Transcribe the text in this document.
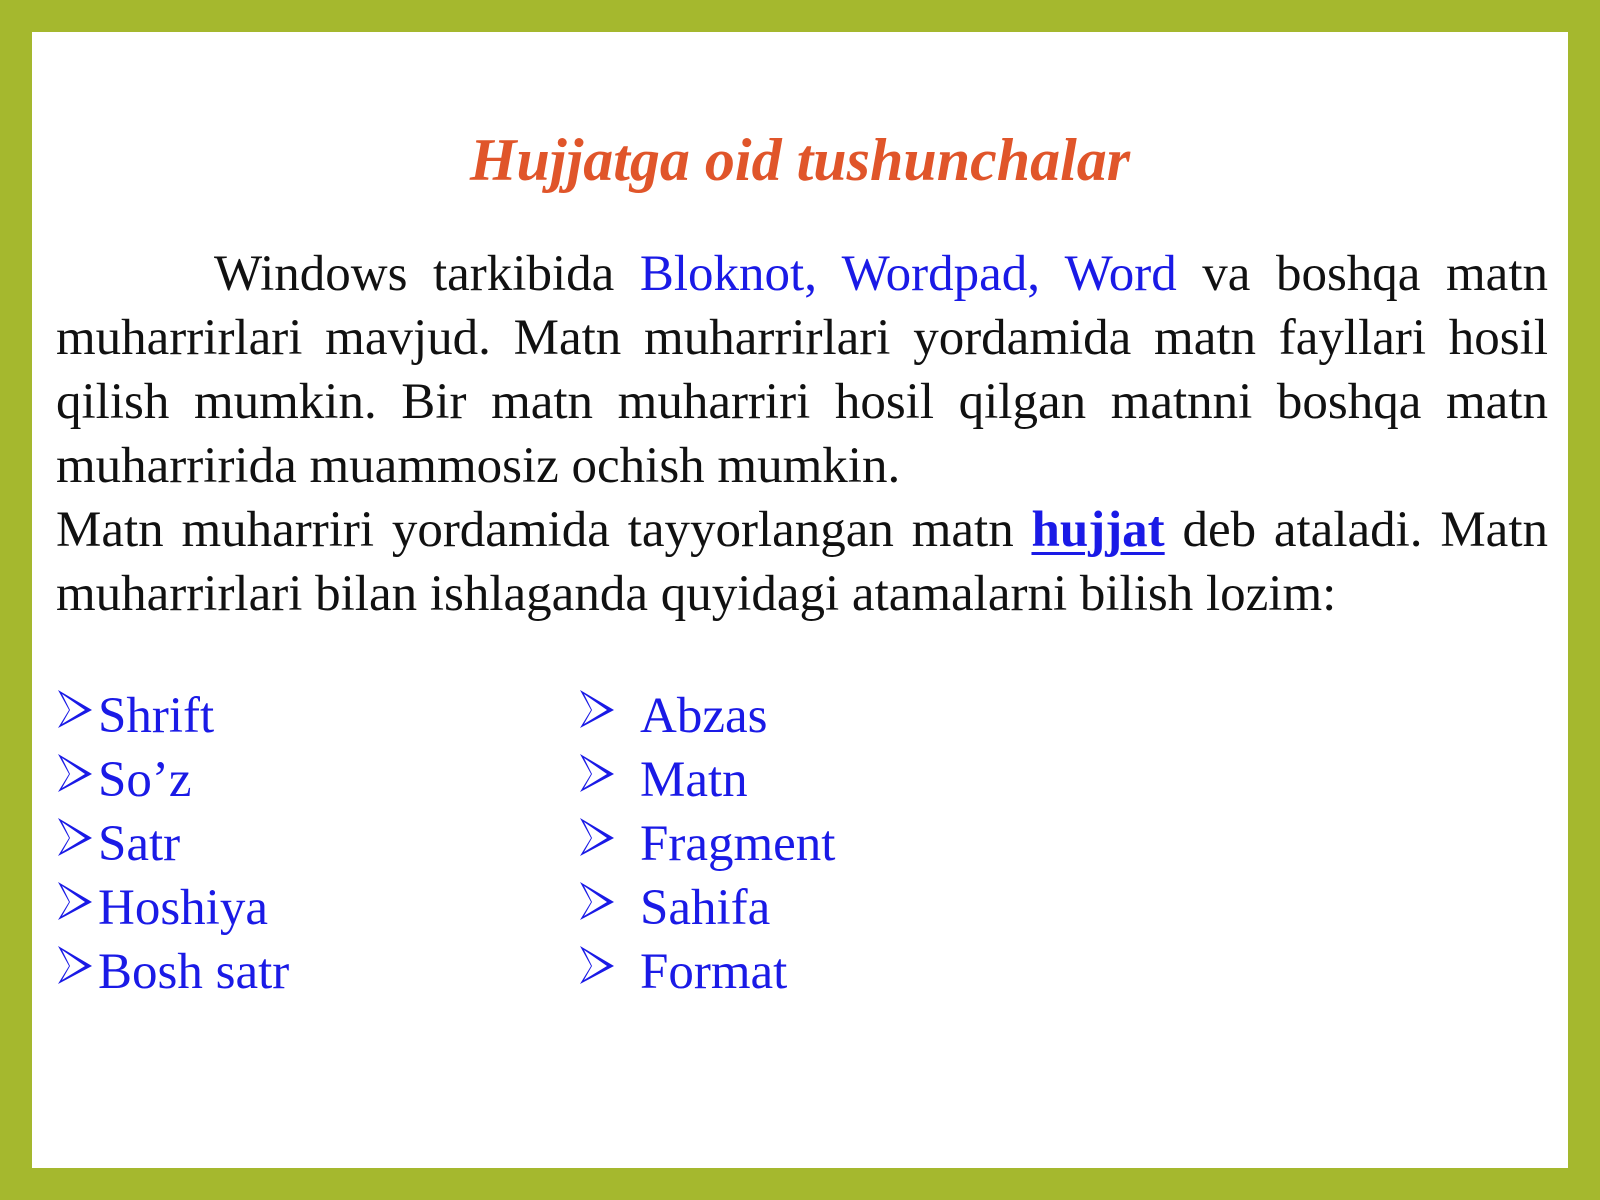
Hujjatga oid tushunchalar

Windows tarkibida Bloknot, Wordpad, Word va boshqa matn muharrirlari mavjud. Matn muharrirlari yordamida matn fayllari hosil qilish mumkin. Bir matn muharriri hosil qilgan matnni boshqa matn muharririda muammosiz ochish mumkin.

Matn muharriri yordamida tayyorlangan matn hujjat deb ataladi. Matn muharrirlari bilan ishlaganda quyidagi atamalarni bilish lozim:

Shrift
So’z
Satr
Hoshiya
Bosh satr
Abzas
Matn
Fragment
Sahifa
Format
